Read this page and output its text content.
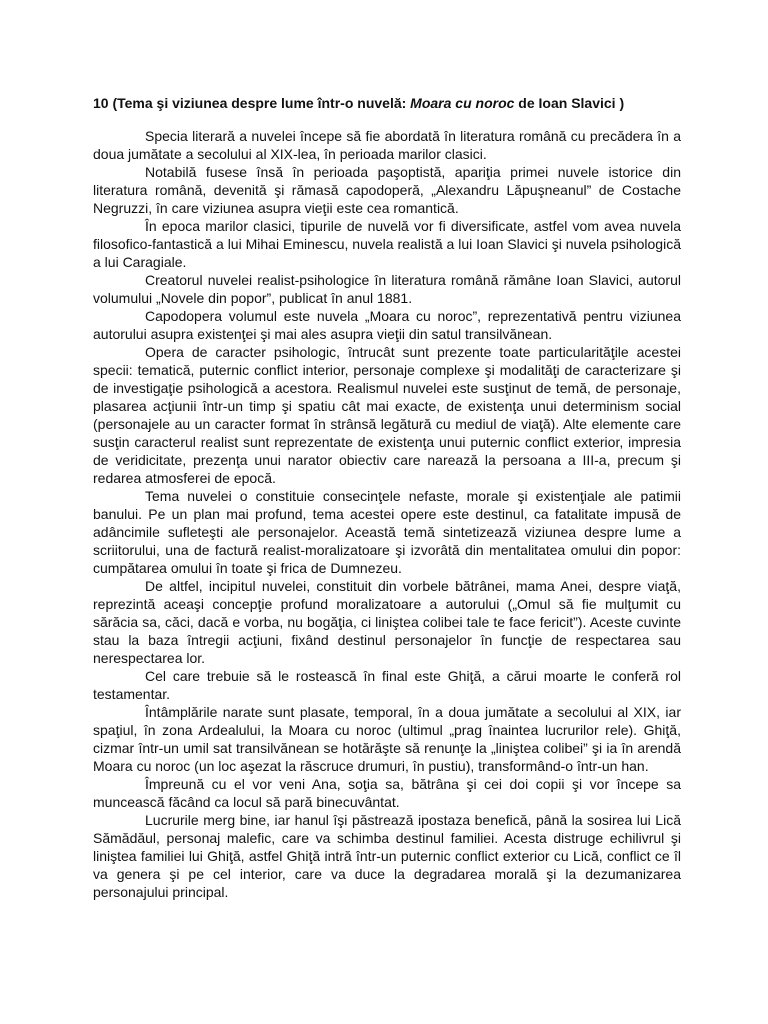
10 (Tema şi viziunea despre lume într-o nuvelă: Moara cu noroc de Ioan Slavici )

Specia literară a nuvelei începe să fie abordată în literatura română cu precădera în a doua jumătate a secolului al XIX-lea, în perioada marilor clasici.

Notabilă fusese însă în perioada paşoptistă, apariţia primei nuvele istorice din literatura română, devenită şi rămasă capodoperă, „Alexandru Lăpuşneanul” de Costache Negruzzi, în care viziunea asupra vieţii este cea romantică.

În epoca marilor clasici, tipurile de nuvelă vor fi diversificate, astfel vom avea nuvela filosofico-fantastică a lui Mihai Eminescu, nuvela realistă a lui Ioan Slavici şi nuvela psihologică a lui Caragiale.

Creatorul nuvelei realist-psihologice în literatura română rămâne Ioan Slavici, autorul volumului „Novele din popor”, publicat în anul 1881.

Capodopera volumul este nuvela „Moara cu noroc”, reprezentativă pentru viziunea autorului asupra existenţei şi mai ales asupra vieţii din satul transilvănean.

Opera de caracter psihologic, întrucât sunt prezente toate particularităţile acestei specii: tematică, puternic conflict interior, personaje complexe şi modalităţi de caracterizare şi de investigaţie psihologică a acestora. Realismul nuvelei este susţinut de temă, de personaje, plasarea acţiunii într-un timp şi spatiu cât mai exacte, de existenţa unui determinism social (personajele au un caracter format în strânsă legătură cu mediul de viaţă). Alte elemente care susţin caracterul realist sunt reprezentate de existenţa unui puternic conflict exterior, impresia de veridicitate, prezenţa unui narator obiectiv care narează la persoana a III-a, precum şi redarea atmosferei de epocă.

Tema nuvelei o constituie consecinţele nefaste, morale şi existenţiale ale patimii banului. Pe un plan mai profund, tema acestei opere este destinul, ca fatalitate impusă de adâncimile sufleteşti ale personajelor. Această temă sintetizează viziunea despre lume a scriitorului, una de factură realist-moralizatoare şi izvorâtă din mentalitatea omului din popor: cumpătarea omului în toate şi frica de Dumnezeu.

De altfel, incipitul nuvelei, constituit din vorbele bătrânei, mama Anei, despre viaţă, reprezintă aceaşi concepţie profund moralizatoare a autorului („Omul să fie mulţumit cu sărăcia sa, căci, dacă e vorba, nu bogăţia, ci liniştea colibei tale te face fericit”). Aceste cuvinte stau la baza întregii acţiuni, fixând destinul personajelor în funcţie de respectarea sau nerespectarea lor.

Cel care trebuie să le rostească în final este Ghiţă, a cărui moarte le conferă rol testamentar.

Întâmplările narate sunt plasate, temporal, în a doua jumătate a secolului al XIX, iar spaţiul, în zona Ardealului, la Moara cu noroc (ultimul „prag înaintea lucrurilor rele). Ghiţă, cizmar într-un umil sat transilvănean se hotărăşte să renunţe la „liniştea colibei” şi ia în arendă Moara cu noroc (un loc aşezat la răscruce drumuri, în pustiu), transformând-o într-un han.

Împreună cu el vor veni Ana, soţia sa, bătrâna şi cei doi copii şi vor începe sa muncească făcând ca locul să pară binecuvântat.

Lucrurile merg bine, iar hanul îşi păstrează ipostaza benefică, până la sosirea lui Lică Sămădăul, personaj malefic, care va schimba destinul familiei. Acesta distruge echilivrul şi liniştea familiei lui Ghiţă, astfel Ghiţă intră într-un puternic conflict exterior cu Lică, conflict ce îl va genera şi pe cel interior, care va duce la degradarea morală şi la dezumanizarea personajului principal.
